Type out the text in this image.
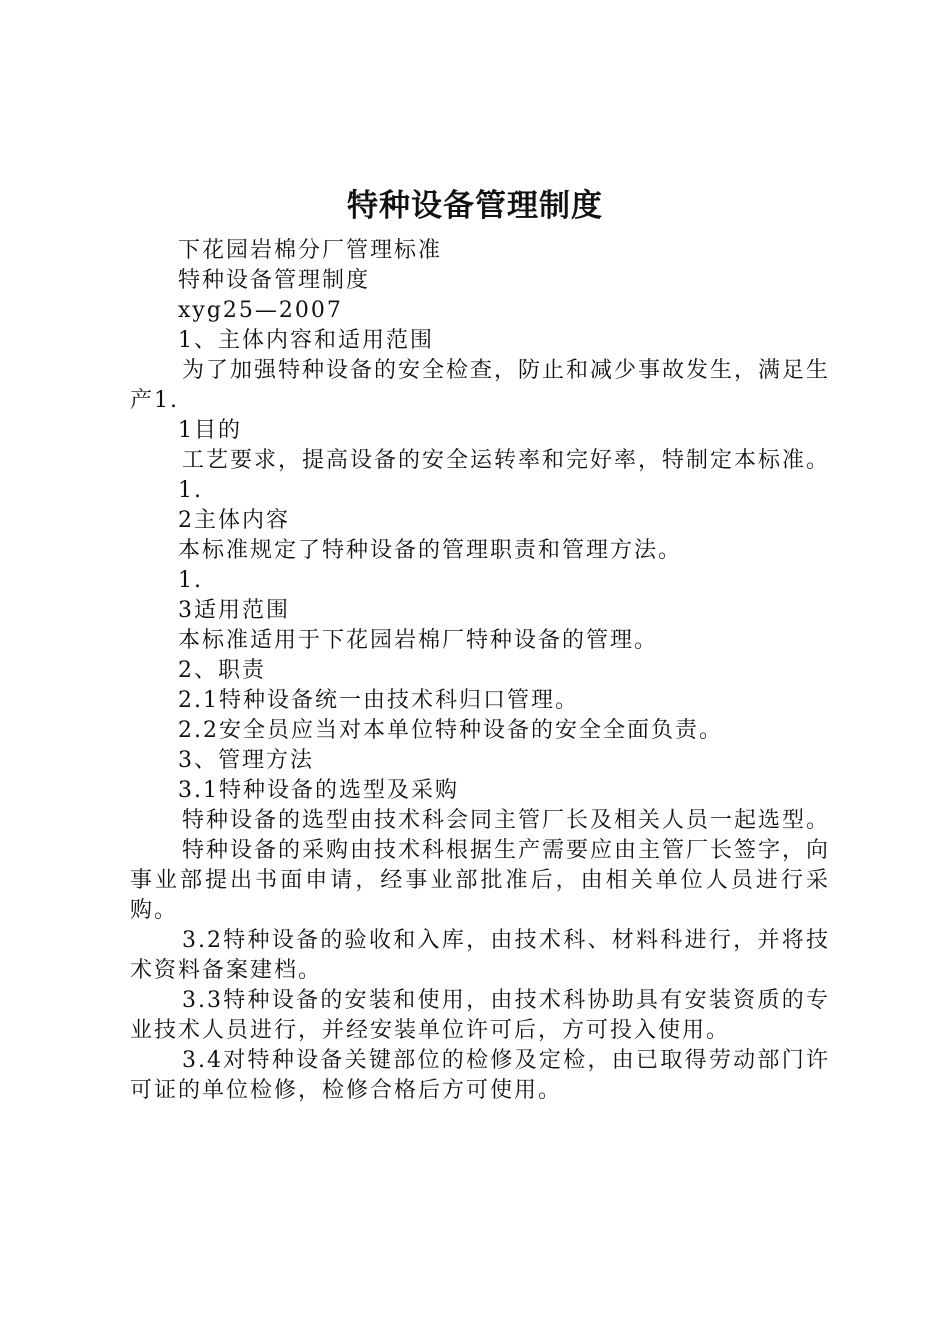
特种设备管理制度
下花园岩棉分厂管理标准
特种设备管理制度
xyg25—2007
1、主体内容和适用范围
为了加强特种设备的安全检查，防止和减少事故发生，满足生产1.
1目的
工艺要求，提高设备的安全运转率和完好率，特制定本标准。
1.
2主体内容
本标准规定了特种设备的管理职责和管理方法。
1.
3适用范围
本标准适用于下花园岩棉厂特种设备的管理。
2、职责
2.1特种设备统一由技术科归口管理。
2.2安全员应当对本单位特种设备的安全全面负责。
3、管理方法
3.1特种设备的选型及采购
特种设备的选型由技术科会同主管厂长及相关人员一起选型。
特种设备的采购由技术科根据生产需要应由主管厂长签字，向事业部提出书面申请，经事业部批准后，由相关单位人员进行采购。
3.2特种设备的验收和入库，由技术科、材料科进行，并将技术资料备案建档。
3.3特种设备的安装和使用，由技术科协助具有安装资质的专业技术人员进行，并经安装单位许可后，方可投入使用。
3.4对特种设备关键部位的检修及定检，由已取得劳动部门许可证的单位检修，检修合格后方可使用。
